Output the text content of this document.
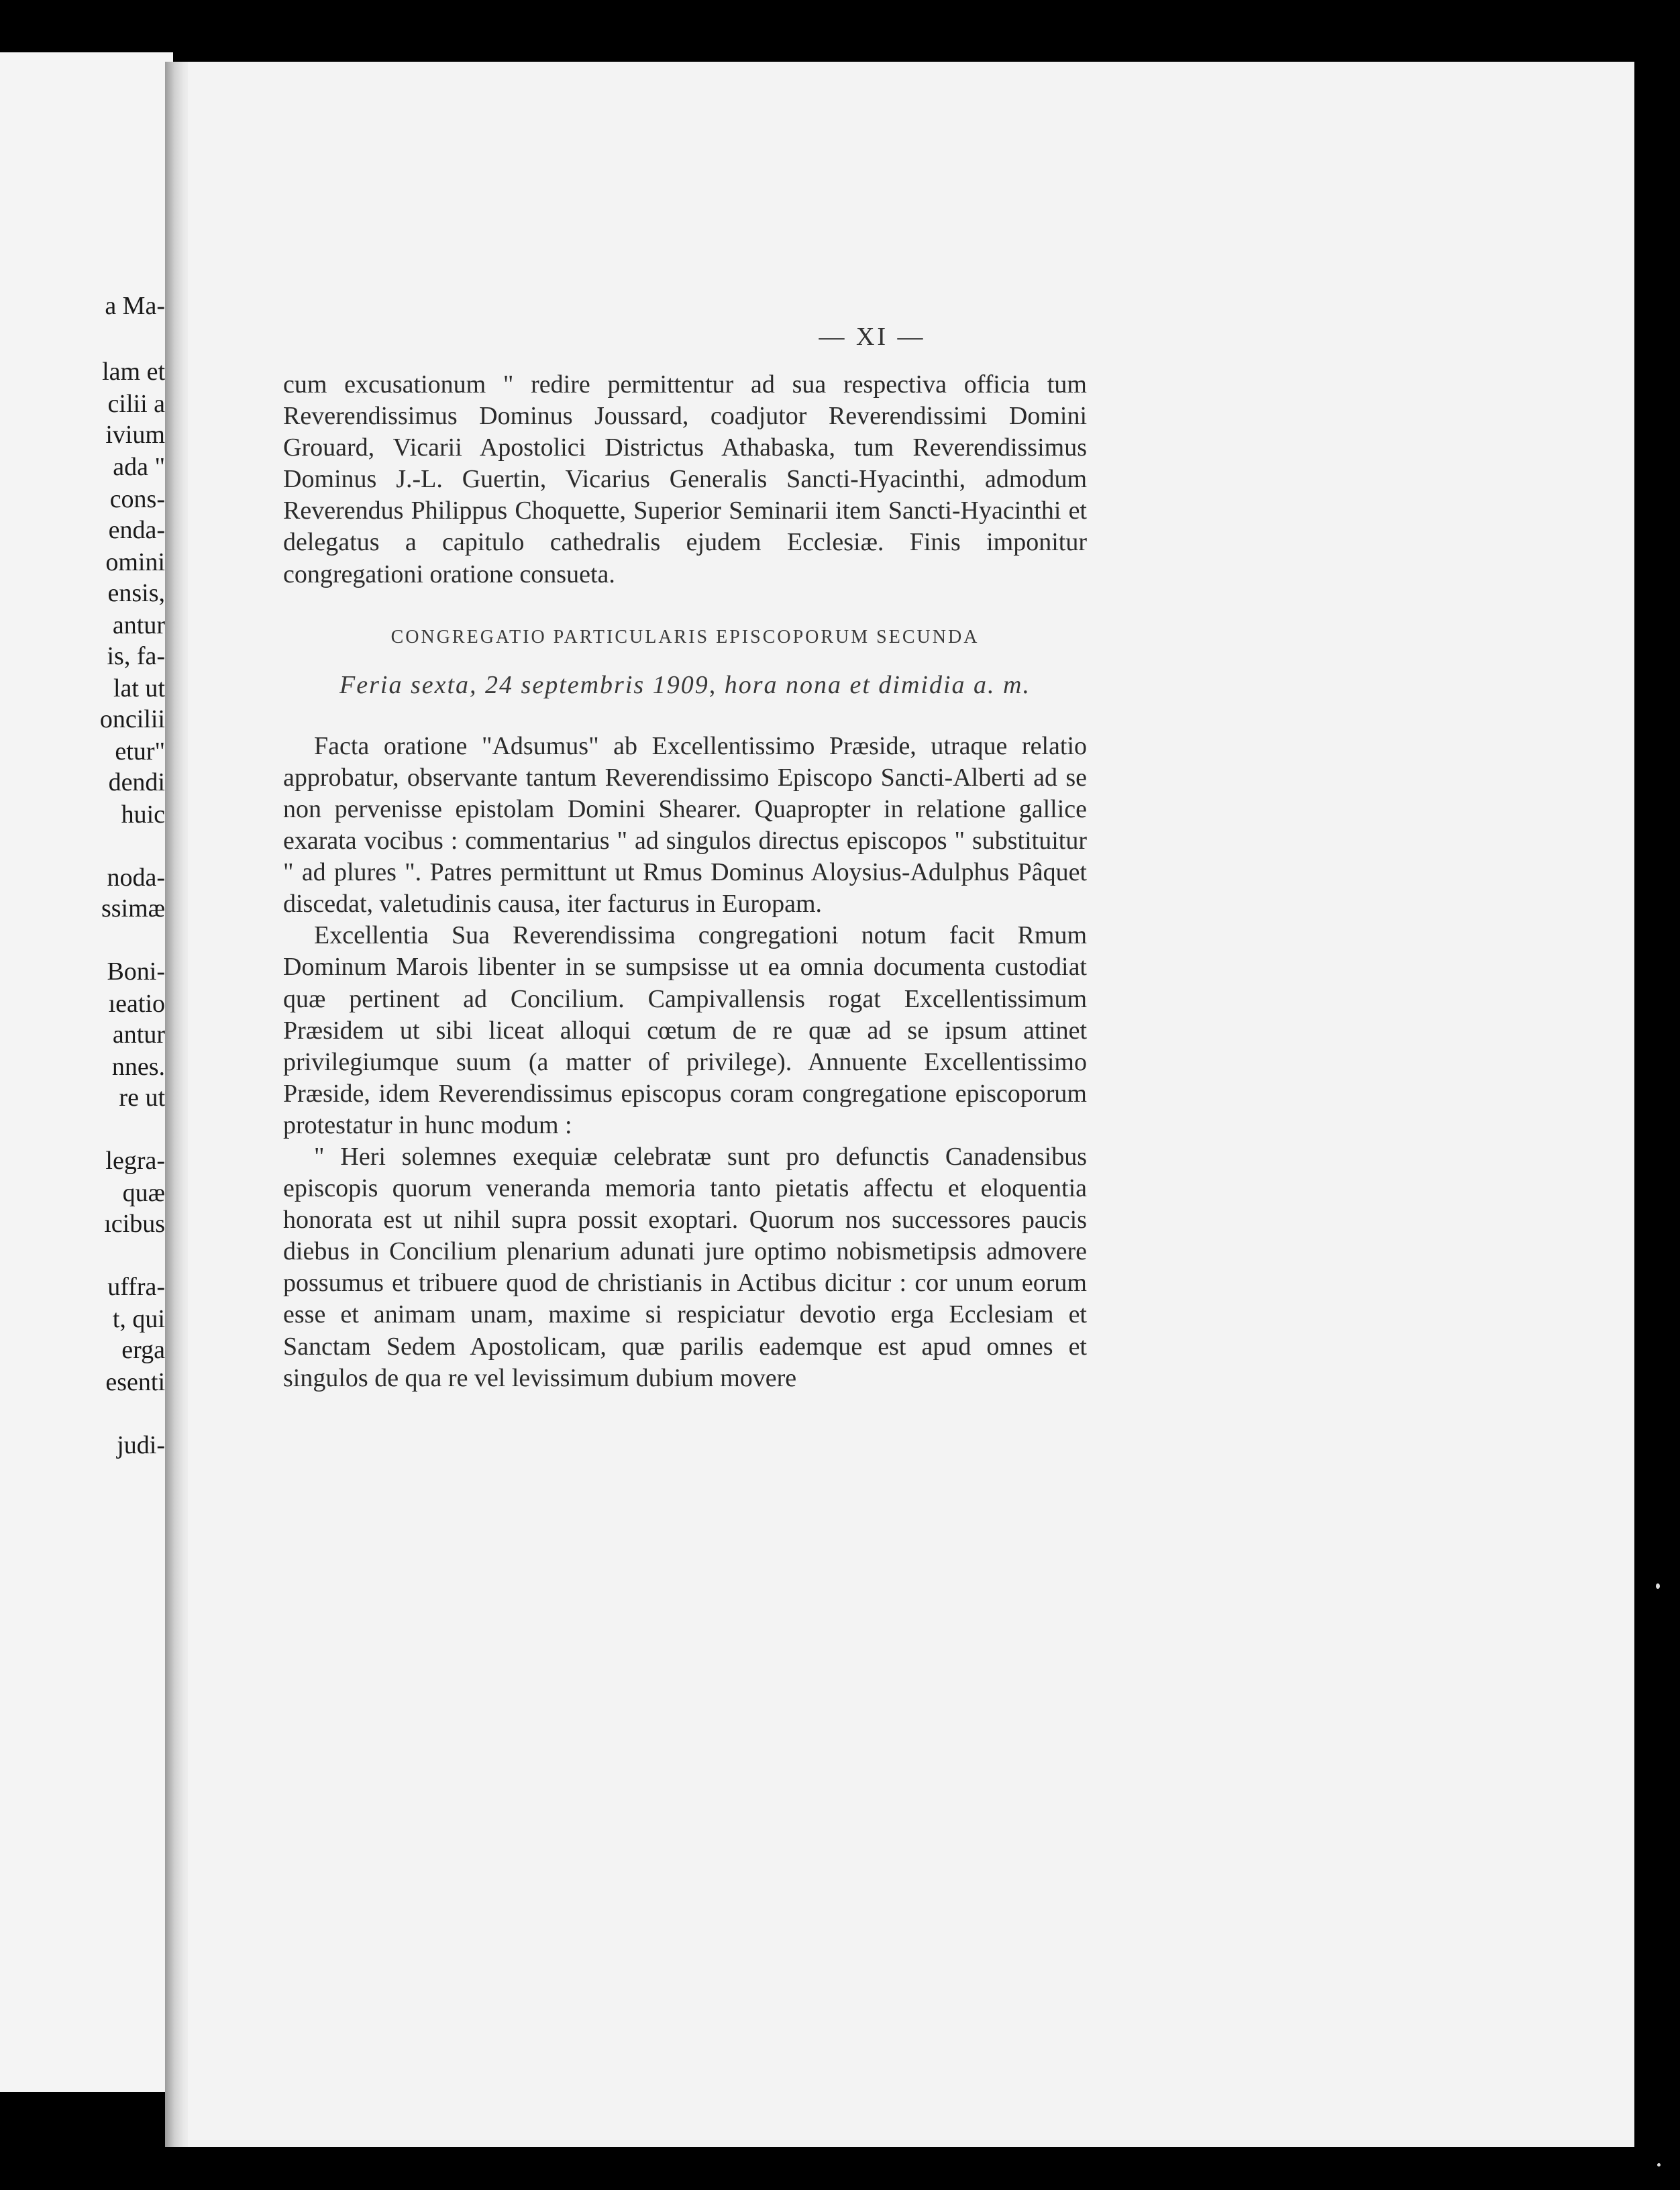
a Ma-
lam et
cilii a
ivium
ada "
cons-
enda-
omini
ensis,
antur
is, fa-
lat ut
oncilii
etur"
dendi
huic
noda-
ssimæ
Boni-
ıeatio
antur
nnes.
re ut
legra-
quæ
ıcibus
uffra-
t, qui
erga
esenti
judi-
— XI —

cum excusationum " redire permittentur ad sua respectiva officia tum Reverendissimus Dominus Joussard, coadjutor Reverendissimi Domini Grouard, Vicarii Apostolici Districtus Athabaska, tum Reverendissimus Dominus J.-L. Guertin, Vicarius Generalis Sancti-Hyacinthi, admodum Reverendus Philippus Choquette, Superior Seminarii item Sancti-Hyacinthi et delegatus a capitulo cathedralis ejudem Ecclesiæ. Finis imponitur congregationi oratione consueta.

CONGREGATIO PARTICULARIS EPISCOPORUM SECUNDA
Feria sexta, 24 septembris 1909, hora nona et dimidia a. m.

Facta oratione "Adsumus" ab Excellentissimo Præside, utraque relatio approbatur, observante tantum Reverendissimo Episcopo Sancti-Alberti ad se non pervenisse epistolam Domini Shearer. Quapropter in relatione gallice exarata vocibus : commentarius " ad singulos directus episcopos " substituitur " ad plures ". Patres permittunt ut Rmus Dominus Aloysius-Adulphus Pâquet discedat, valetudinis causa, iter facturus in Europam.

Excellentia Sua Reverendissima congregationi notum facit Rmum Dominum Marois libenter in se sumpsisse ut ea omnia documenta custodiat quæ pertinent ad Concilium. Campivallensis rogat Excellentissimum Præsidem ut sibi liceat alloqui cœtum de re quæ ad se ipsum attinet privilegiumque suum (a matter of privilege). Annuente Excellentissimo Præside, idem Reverendissimus episcopus coram congregatione episcoporum protestatur in hunc modum :

" Heri solemnes exequiæ celebratæ sunt pro defunctis Canadensibus episcopis quorum veneranda memoria tanto pietatis affectu et eloquentia honorata est ut nihil supra possit exoptari. Quorum nos successores paucis diebus in Concilium plenarium adunati jure optimo nobismetipsis admovere possumus et tribuere quod de christianis in Actibus dicitur : cor unum eorum esse et animam unam, maxime si respiciatur devotio erga Ecclesiam et Sanctam Sedem Apostolicam, quæ parilis eademque est apud omnes et singulos de qua re vel levissimum dubium movere
